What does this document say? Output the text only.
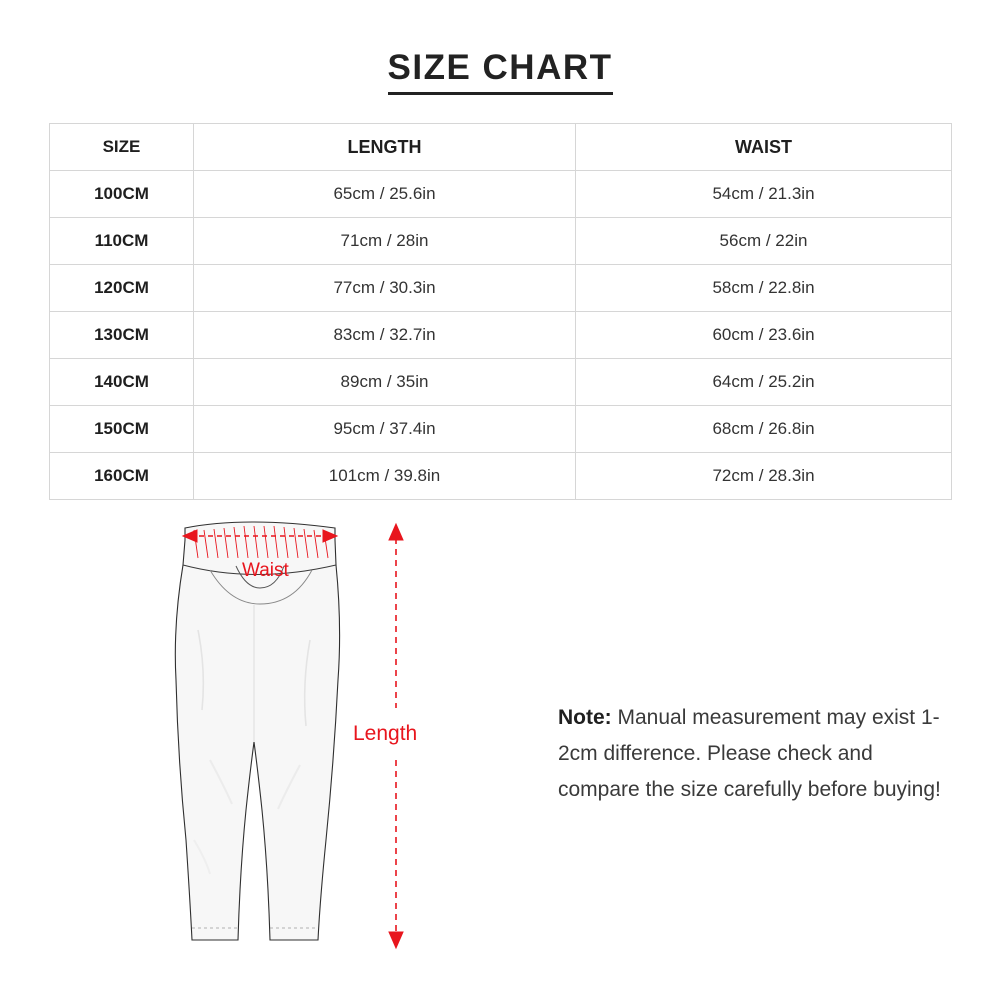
SIZE CHART
SIZE	LENGTH	WAIST
100CM	65cm / 25.6in	54cm / 21.3in
110CM	71cm / 28in	56cm / 22in
120CM	77cm / 30.3in	58cm / 22.8in
130CM	83cm / 32.7in	60cm / 23.6in
140CM	89cm / 35in	64cm / 25.2in
150CM	95cm / 37.4in	68cm / 26.8in
160CM	101cm / 39.8in	72cm / 28.3in
Waist
Length
Note: Manual measurement may exist 1-2cm difference. Please check and compare the size carefully before buying!
